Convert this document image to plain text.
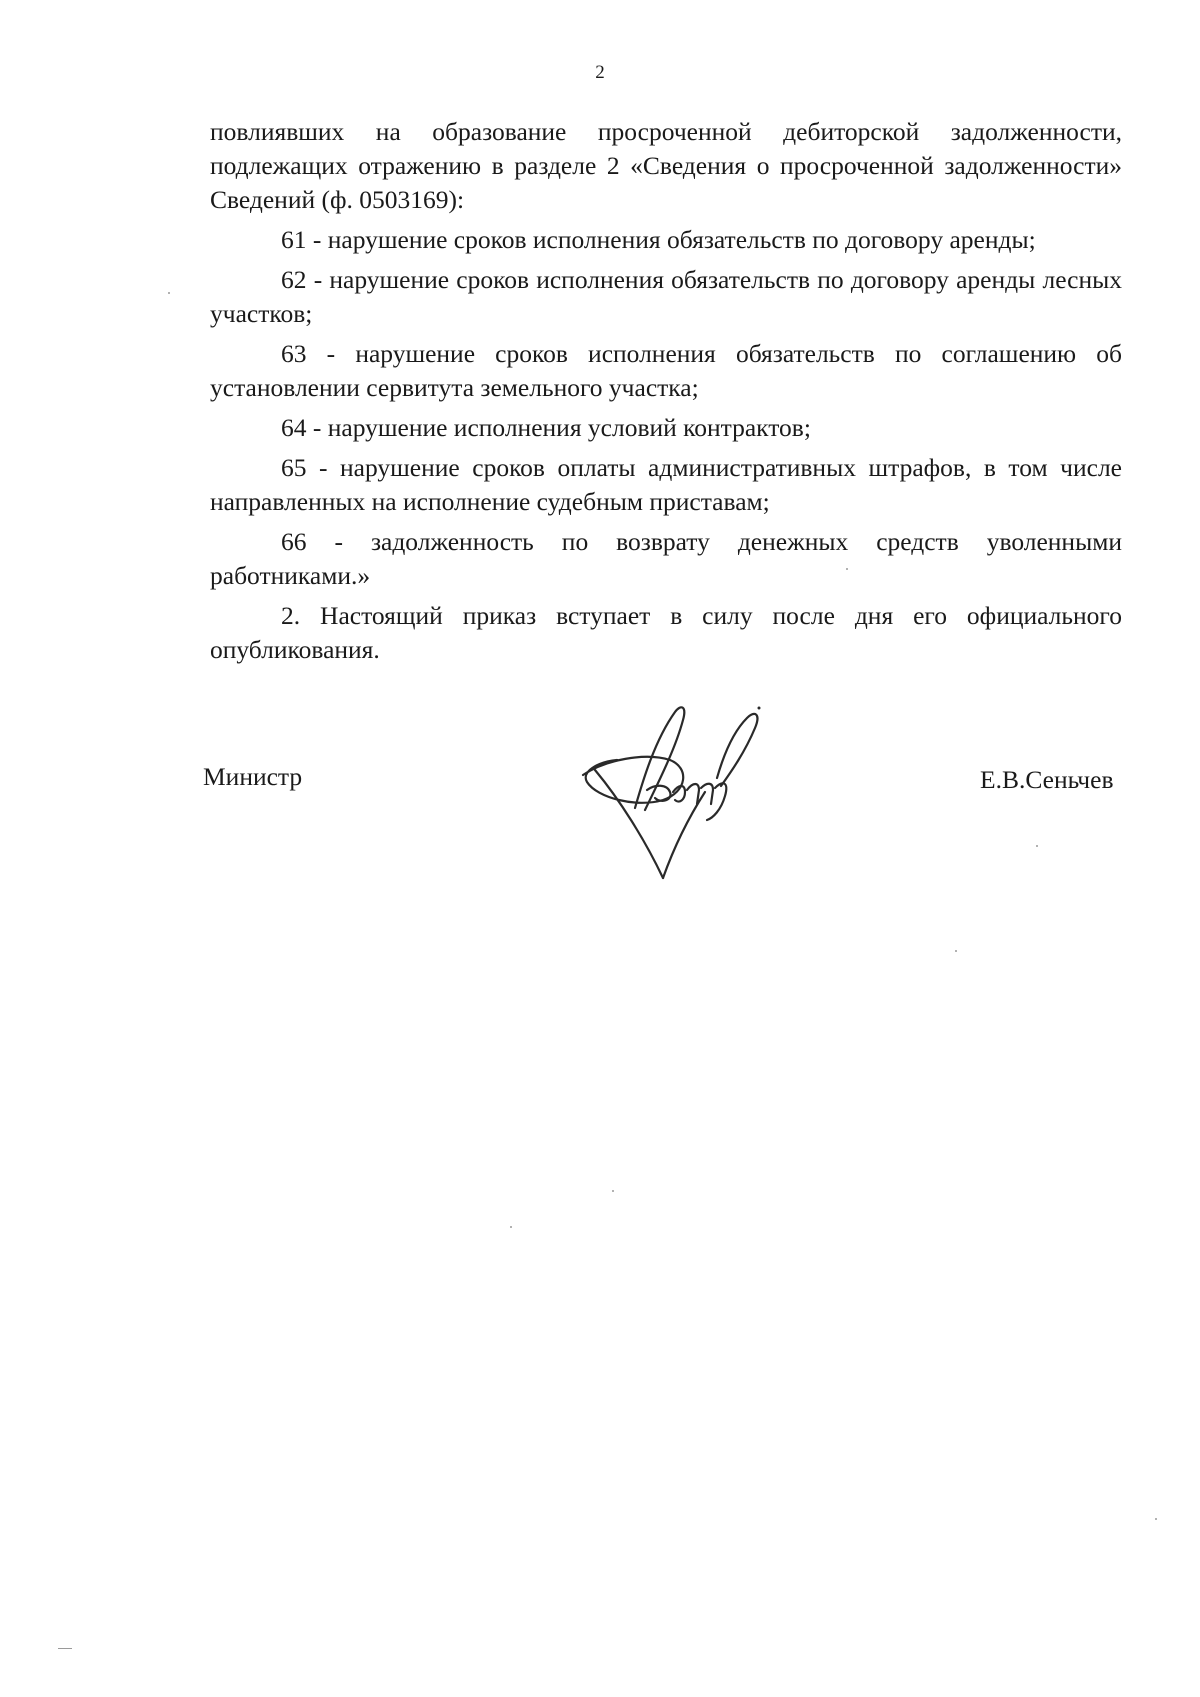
2

повлиявших на образование просроченной дебиторской задолженности, подлежащих отражению в разделе 2 «Сведения о просроченной задолженности» Сведений (ф. 0503169):

61 - нарушение сроков исполнения обязательств по договору аренды;

62 - нарушение сроков исполнения обязательств по договору аренды лесных участков;

63 - нарушение сроков исполнения обязательств по соглашению об установлении сервитута земельного участка;

64 - нарушение исполнения условий контрактов;

65 - нарушение сроков оплаты административных штрафов, в том числе направленных на исполнение судебным приставам;

66 - задолженность по возврату денежных средств уволенными работниками.»

2. Настоящий приказ вступает в силу после дня его официального опубликования.

Министр	Е.В.Сеньчев
